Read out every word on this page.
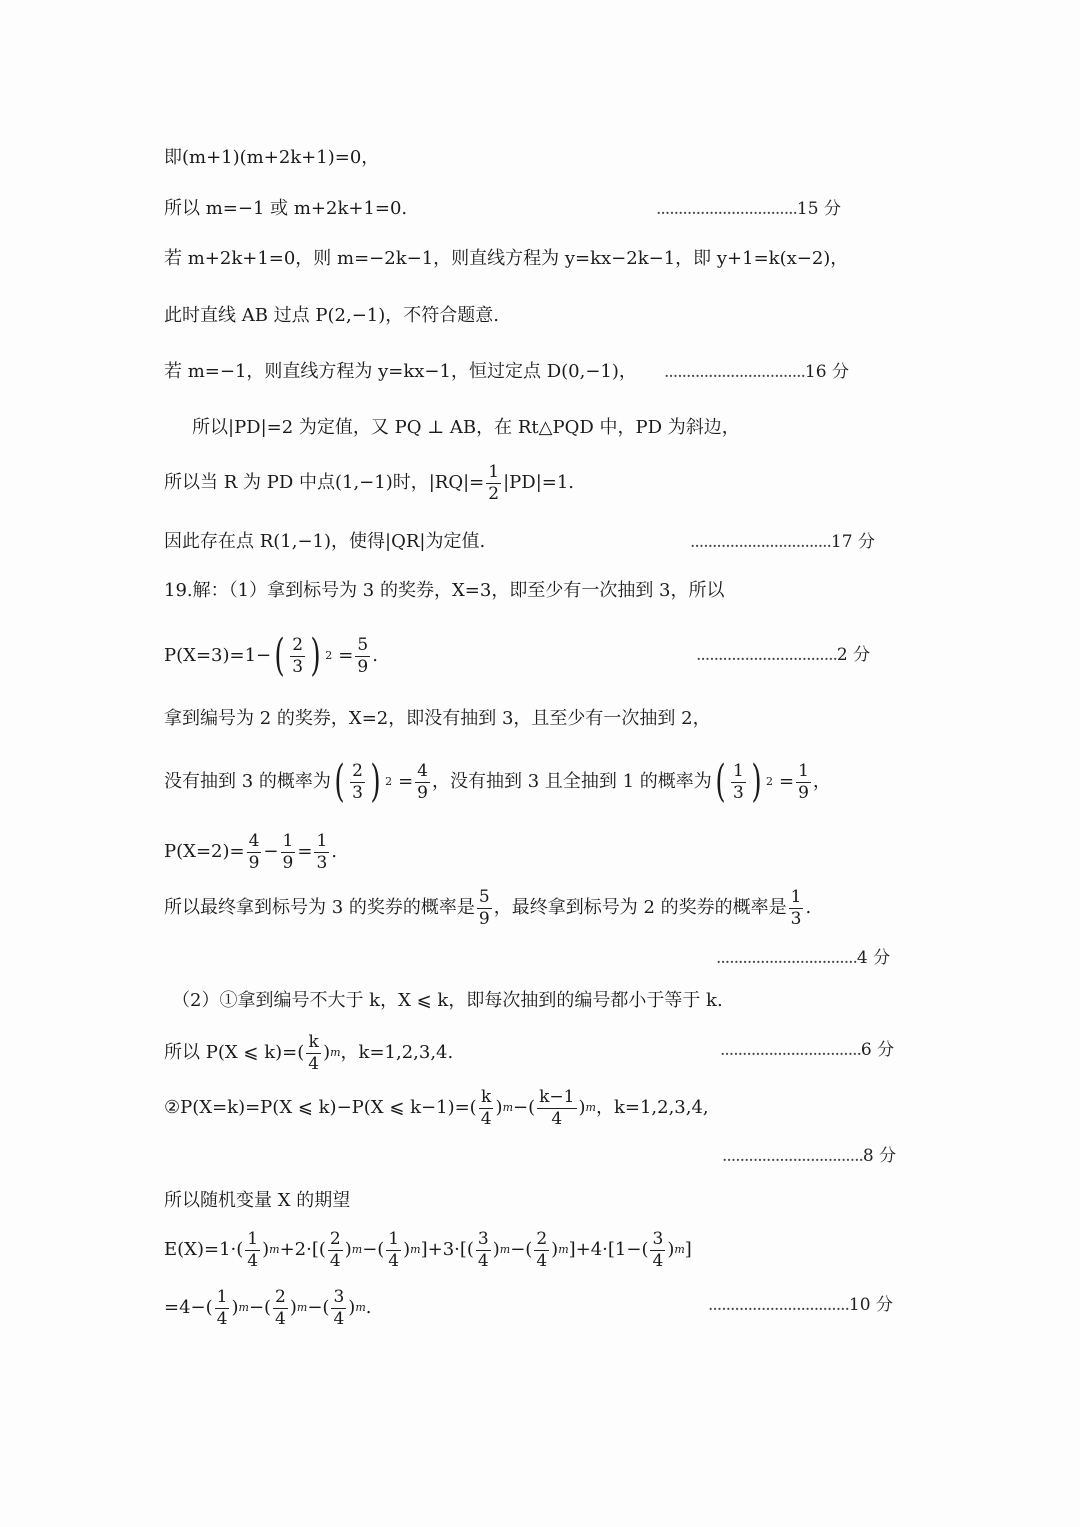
即(m+1)(m+2k+1)=0，
所以 m=−1 或 m+2k+1=0.	................................15 分
若 m+2k+1=0，则 m=−2k−1，则直线方程为 y=kx−2k−1，即 y+1=k(x−2)，
此时直线 AB 过点 P(2,−1)，不符合题意.
若 m=−1，则直线方程为 y=kx−1，恒过定点 D(0,−1)， ................................16 分
所以|PD|=2 为定值，又 PQ ⊥ AB，在 Rt△PQD 中，PD 为斜边，
所以当 R 为 PD 中点(1,−1)时，$|RQ|= \frac{1}{2} |PD|=1$.
因此存在点 R(1,−1)，使得|QR|为定值.	................................17 分
19.解：（1）拿到标号为 3 的奖券，X=3，即至少有一次抽到 3，所以
P(X=3)=1− ( $\frac{2}{3}$ ) $2 = \frac{5}{9}$ .	................................2 分
拿到编号为 2 的奖券，X=2，即没有抽到 3，且至少有一次抽到 2，
没有抽到 3 的概率为 ( $\frac{2}{3}$ ) $2 = \frac{4}{9}$ ，没有抽到 3 且全抽到 1 的概率为 ( $\frac{1}{3}$ ) $2 = \frac{1}{9}$ ，
$P(X=2)= \frac{4}{9} - \frac{1}{9} = \frac{1}{3}$ .
所以最终拿到标号为 3 的奖券的概率是 $\frac{5}{9}$ ，最终拿到标号为 2 的奖券的概率是 $\frac{1}{3}$ .
................................4 分
（2）①拿到编号不大于 k，X ⩽ k，即每次抽到的编号都小于等于 k.
所以 P(X ⩽ $k)=( \frac{k}{4}$ ) m ，k=1,2,3,4.	................................6 分
②P(X=k)=P(X ⩽ k)−P(X ⩽ $k-1)=( \frac{k}{4}$ ) m −( $\frac{k-1}{4}$ ) m ，k=1,2,3,4,
................................8 分
所以随机变量 X 的期望
$E(X)=1\cdot( \frac{1}{4}$ ) $m +2\cdot[( \frac{2}{4}$ ) m −( $\frac{1}{4}$ ) m ]$+3\cdot[( \frac{3}{4}$ ) m −( $\frac{2}{4}$ ) m ]$+4\cdot[1-( \frac{3}{4}$ ) m ]
$=4-( \frac{1}{4}$ ) m −( $\frac{2}{4}$ ) m −( $\frac{3}{4}$ ) m .	................................10 分
